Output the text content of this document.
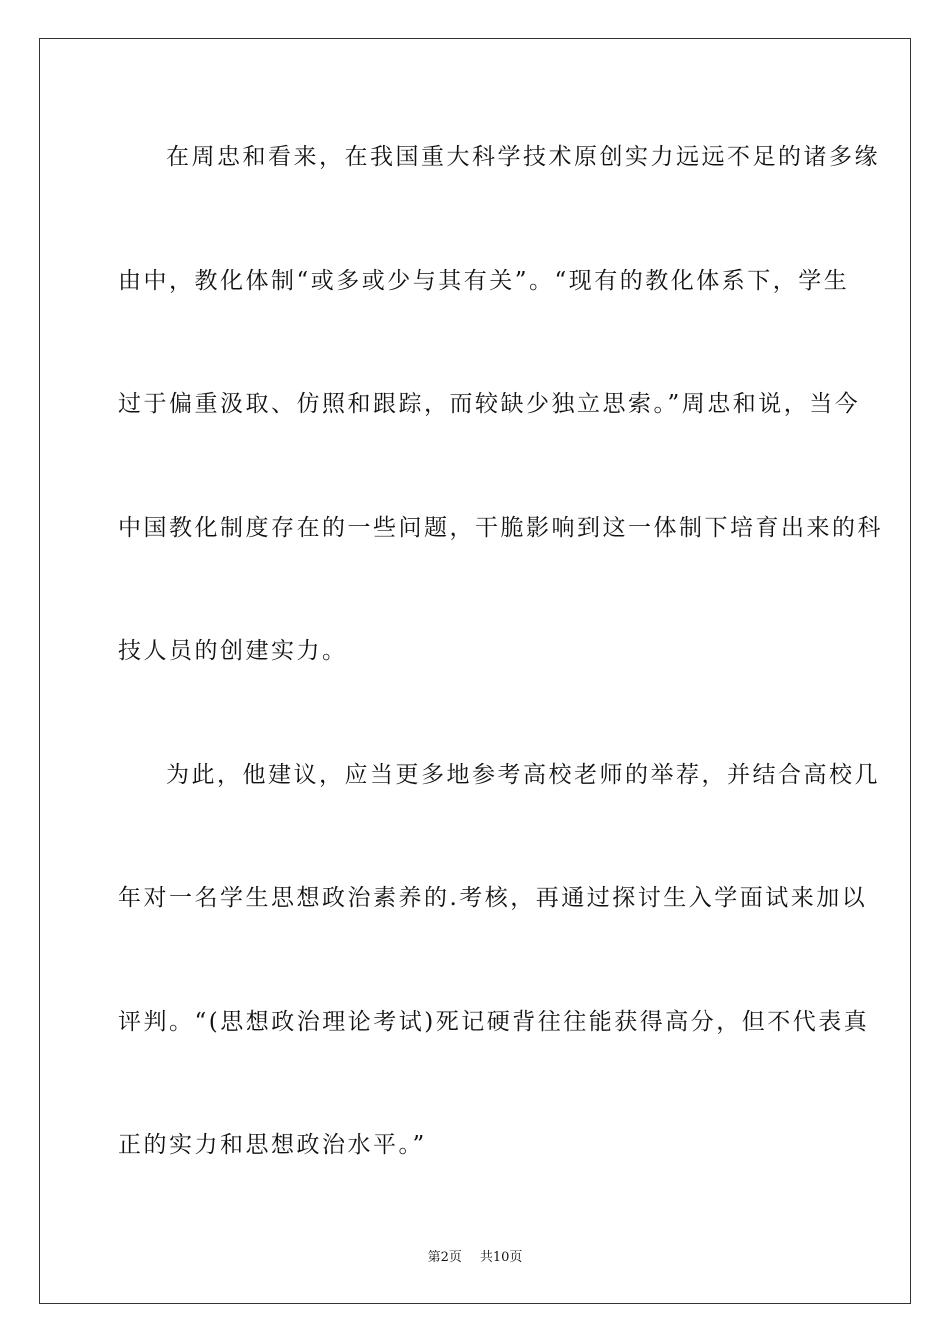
在周忠和看来，在我国重大科学技术原创实力远远不足的诸多缘
由中，教化体制“或多或少与其有关”。“现有的教化体系下，学生
过于偏重汲取、仿照和跟踪，而较缺少独立思索。”周忠和说，当今
中国教化制度存在的一些问题，干脆影响到这一体制下培育出来的科
技人员的创建实力。
为此，他建议，应当更多地参考高校老师的举荐，并结合高校几
年对一名学生思想政治素养的.考核，再通过探讨生入学面试来加以
评判。“(思想政治理论考试)死记硬背往往能获得高分，但不代表真
正的实力和思想政治水平。”
第2页 共10页
